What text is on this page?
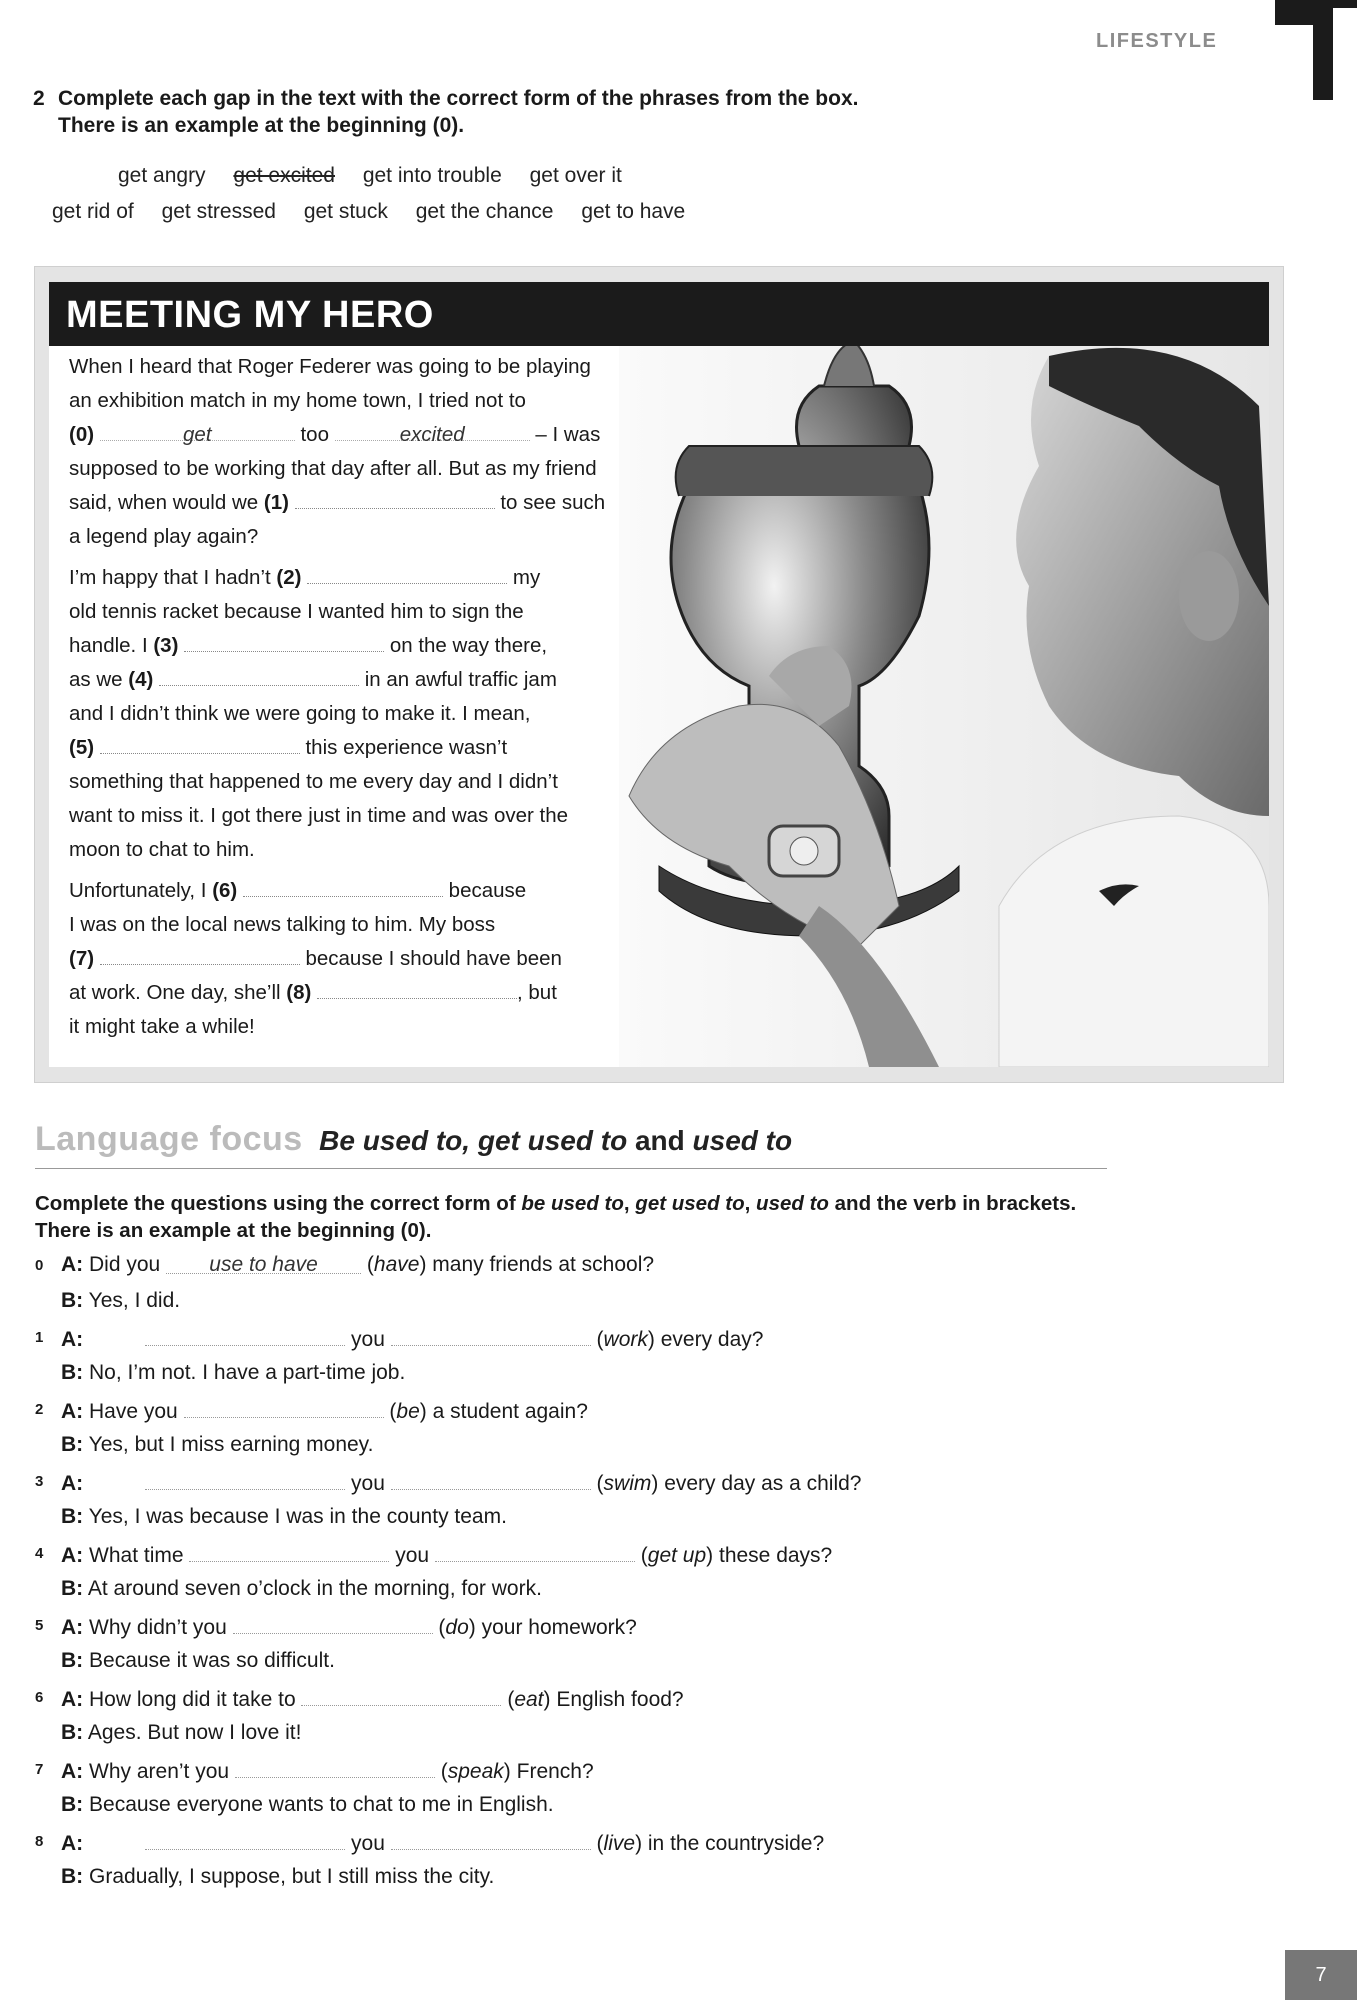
LIFESTYLE
1
2 Complete each gap in the text with the correct form of the phrases from the box.
There is an example at the beginning (0).
get angry get excited get into trouble get over it
get rid of get stressed get stuck get the chance get to have
MEETING MY HERO

When I heard that Roger Federer was going to be playing
an exhibition match in my home town, I tried not to
(0)	get	too	excited	– I was
supposed to be working that day after all. But as my friend
said, when would we (1)	to see such
a legend play again?

I’m happy that I hadn’t (2)	my
old tennis racket because I wanted him to sign the
handle. I (3)	on the way there,
as we (4)	in an awful traffic jam
and I didn’t think we were going to make it. I mean,
(5)	this experience wasn’t
something that happened to me every day and I didn’t
want to miss it. I got there just in time and was over the
moon to chat to him.

Unfortunately, I (6)	because
I was on the local news talking to him. My boss
(7)	because I should have been
at work. One day, she’ll (8)	, but
it might take a while!

Language focus Be used to, get used to and used to
Complete the questions using the correct form of be used to, get used to, used to and the verb in brackets. There is an example at the beginning (0).
0 A: Did you use to have (have) many friends at school?
B: Yes, I did.
1 A:	you	(work) every day?
B: No, I’m not. I have a part-time job.
2 A: Have you	(be) a student again?
B: Yes, but I miss earning money.
3 A:	you	(swim) every day as a child?
B: Yes, I was because I was in the county team.
4 A: What time	you	(get up) these days?
B: At around seven o’clock in the morning, for work.
5 A: Why didn’t you	(do) your homework?
B: Because it was so difficult.
6 A: How long did it take to	(eat) English food?
B: Ages. But now I love it!
7 A: Why aren’t you	(speak) French?
B: Because everyone wants to chat to me in English.
8 A:	you	(live) in the countryside?
B: Gradually, I suppose, but I still miss the city.
7
